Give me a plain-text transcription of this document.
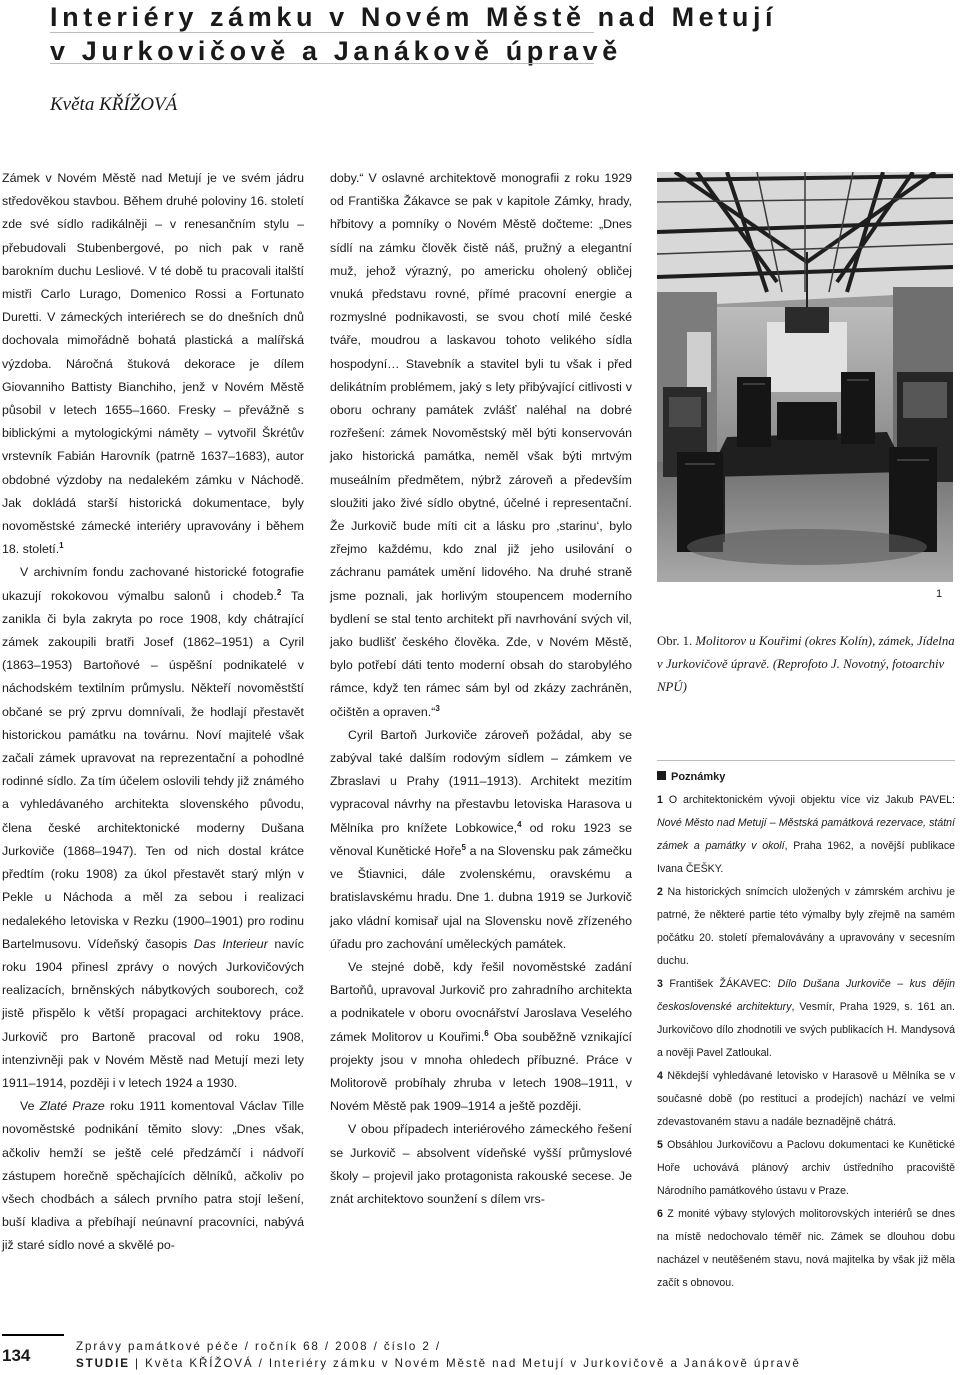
Interiéry zámku v Novém Městě nad Metují
v Jurkovičově a Janákově úpravě
Květa KŘÍŽOVÁ

Zámek v Novém Městě nad Metují je ve svém jádru středověkou stavbou. Během druhé poloviny 16. století zde své sídlo radikálněji – v renesančním stylu – přebudovali Stubenbergové, po nich pak v raně barokním duchu Lesliové. V té době tu pracovali italští mistři Carlo Lurago, Domenico Rossi a Fortunato Duretti. V zámeckých interiérech se do dnešních dnů dochovala mimořádně bohatá plastická a malířská výzdoba. Náročná štuková dekorace je dílem Giovanniho Battisty Bianchiho, jenž v Novém Městě působil v letech 1655–1660. Fresky – převážně s biblickými a mytologickými náměty – vytvořil Škrétův vrstevník Fabián Harovník (patrně 1637–1683), autor obdobné výzdoby na nedalekém zámku v Náchodě. Jak dokládá starší historická dokumentace, byly novoměstské zámecké interiéry upravovány i během 18. století.$^1$

V archivním fondu zachované historické fotografie ukazují rokokovou výmalbu salonů i chodeb.$^2$ Ta zanikla či byla zakryta po roce 1908, kdy chátrající zámek zakoupili bratři Josef (1862–1951) a Cyril (1863–1953) Bartoňové – úspěšní podnikatelé v náchodském textilním průmyslu. Někteří novoměstští občané se prý zprvu domnívali, že hodlají přestavět historickou památku na továrnu. Noví majitelé však začali zámek upravovat na reprezentační a pohodlné rodinné sídlo. Za tím účelem oslovili tehdy již známého a vyhledávaného architekta slovenského původu, člena české architektonické moderny Dušana Jurkoviče (1868–1947). Ten od nich dostal krátce předtím (roku 1908) za úkol přestavět starý mlýn v Pekle u Náchoda a měl za sebou i realizaci nedalekého letoviska v Rezku (1900–1901) pro rodinu Bartelmusovu. Vídeňský časopis Das Interieur navíc roku 1904 přinesl zprávy o nových Jurkovičových realizacích, brněnských nábytkových souborech, což jistě přispělo k větší propagaci architektovy práce. Jurkovič pro Bartoně pracoval od roku 1908, intenzivněji pak v Novém Městě nad Metují mezi lety 1911–1914, později i v letech 1924 a 1930.

Ve Zlaté Praze roku 1911 komentoval Václav Tille novoměstské podnikání těmito slovy: „Dnes však, ačkoliv hemží se ještě celé předzámčí i nádvoří zástupem horečně spěchajících dělníků, ačkoliv po všech chodbách a sálech prvního patra stojí lešení, buší kladiva a přebíhají neúnavní pracovníci, nabývá již staré sídlo nové a skvělé po-

doby.“ V oslavné architektově monografii z roku 1929 od Františka Žákavce se pak v kapitole Zámky, hrady, hřbitovy a pomníky o Novém Městě dočteme: „Dnes sídlí na zámku člověk čistě náš, pružný a elegantní muž, jehož výrazný, po americku oholený obličej vnuká představu rovné, přímé pracovní energie a rozmyslné podnikavosti, se svou chotí milé české tváře, moudrou a laskavou tohoto velikého sídla hospodyní… Stavebník a stavitel byli tu však i před delikátním problémem, jaký s lety přibývající citlivosti v oboru ochrany památek zvlášť naléhal na dobré rozřešení: zámek Novoměstský měl býti konservován jako historická památka, neměl však býti mrtvým museálním předmětem, nýbrž zároveň a především sloužiti jako živé sídlo obytné, účelné i representační. Že Jurkovič bude míti cit a lásku pro ‚starinu‘, bylo zřejmo každému, kdo znal již jeho usilování o záchranu památek umění lidového. Na druhé straně jsme poznali, jak horlivým stoupencem moderního bydlení se stal tento architekt při navrhování svých vil, jako budlišť českého člověka. Zde, v Novém Městě, bylo potřebí dáti tento moderní obsah do starobylého rámce, když ten rámec sám byl od zkázy zachráněn, očištěn a opraven.“$^3$

Cyril Bartoň Jurkoviče zároveň požádal, aby se zabýval také dalším rodovým sídlem – zámkem ve Zbraslavi u Prahy (1911–1913). Architekt mezitím vypracoval návrhy na přestavbu letoviska Harasova u Mělníka pro knížete Lobkowice,$^4$ od roku 1923 se věnoval Kunětické Hoře$^5$ a na Slovensku pak zámečku ve Štiavnici, dále zvolenskému, oravskému a bratislavskému hradu. Dne 1. dubna 1919 se Jurkovič jako vládní komisař ujal na Slovensku nově zřízeného úřadu pro zachování uměleckých památek.

Ve stejné době, kdy řešil novoměstské zadání Bartoňů, upravoval Jurkovič pro zahradního architekta a podnikatele v oboru ovocnářství Jaroslava Veselého zámek Molitorov u Kouřimi.$^6$ Oba souběžně vznikající projekty jsou v mnoha ohledech příbuzné. Práce v Molitorově probíhaly zhruba v letech 1908–1911, v Novém Městě pak 1909–1914 a ještě později.

V obou případech interiérového zámeckého řešení se Jurkovič – absolvent vídeňské vyšší průmyslové školy – projevil jako protagonista rakouské secese. Je znát architektovo sounžení s dílem vrs-

1
Obr. 1. Molitorov u Kouřimi (okres Kolín), zámek, Jídelna v Jurkovičově úpravě. (Reprofoto J. Novotný, fotoarchiv NPÚ)

Poznámky

1 O architektonickém vývoji objektu více viz Jakub PAVEL: Nové Město nad Metují – Městská památková rezervace, státní zámek a památky v okolí, Praha 1962, a novější publikace Ivana ČEŠKY.

2 Na historických snímcích uložených v zámrském archivu je patrné, že některé partie této výmalby byly zřejmě na samém počátku 20. století přemalovávány a upravovány v secesním duchu.

3 František ŽÁKAVEC: Dílo Dušana Jurkoviče – kus dějin československé architektury, Vesmír, Praha 1929, s. 161 an. Jurkovičovo dílo zhodnotili ve svých publikacích H. Mandysová a nověji Pavel Zatloukal.

4 Někdejší vyhledávané letovisko v Harasově u Mělníka se v současné době (po restituci a prodejích) nachází ve velmi zdevastovaném stavu a nadále beznadějně chátrá.

5 Obsáhlou Jurkovičovu a Paclovu dokumentaci ke Kunětické Hoře uchovává plánový archiv ústředního pracoviště Národního památkového ústavu v Praze.

6 Z monité výbavy stylových molitorovských interiérů se dnes na místě nedochovalo téměř nic. Zámek se dlouhou dobu nacházel v neutěšeném stavu, nová majitelka by však již měla začít s obnovou.

134	Zprávy památkové péče / ročník 68 / 2008 / číslo 2 /
STUDIE | Květa KŘÍŽOVÁ / Interiéry zámku v Novém Městě nad Metují v Jurkovičově a Janákově úpravě
